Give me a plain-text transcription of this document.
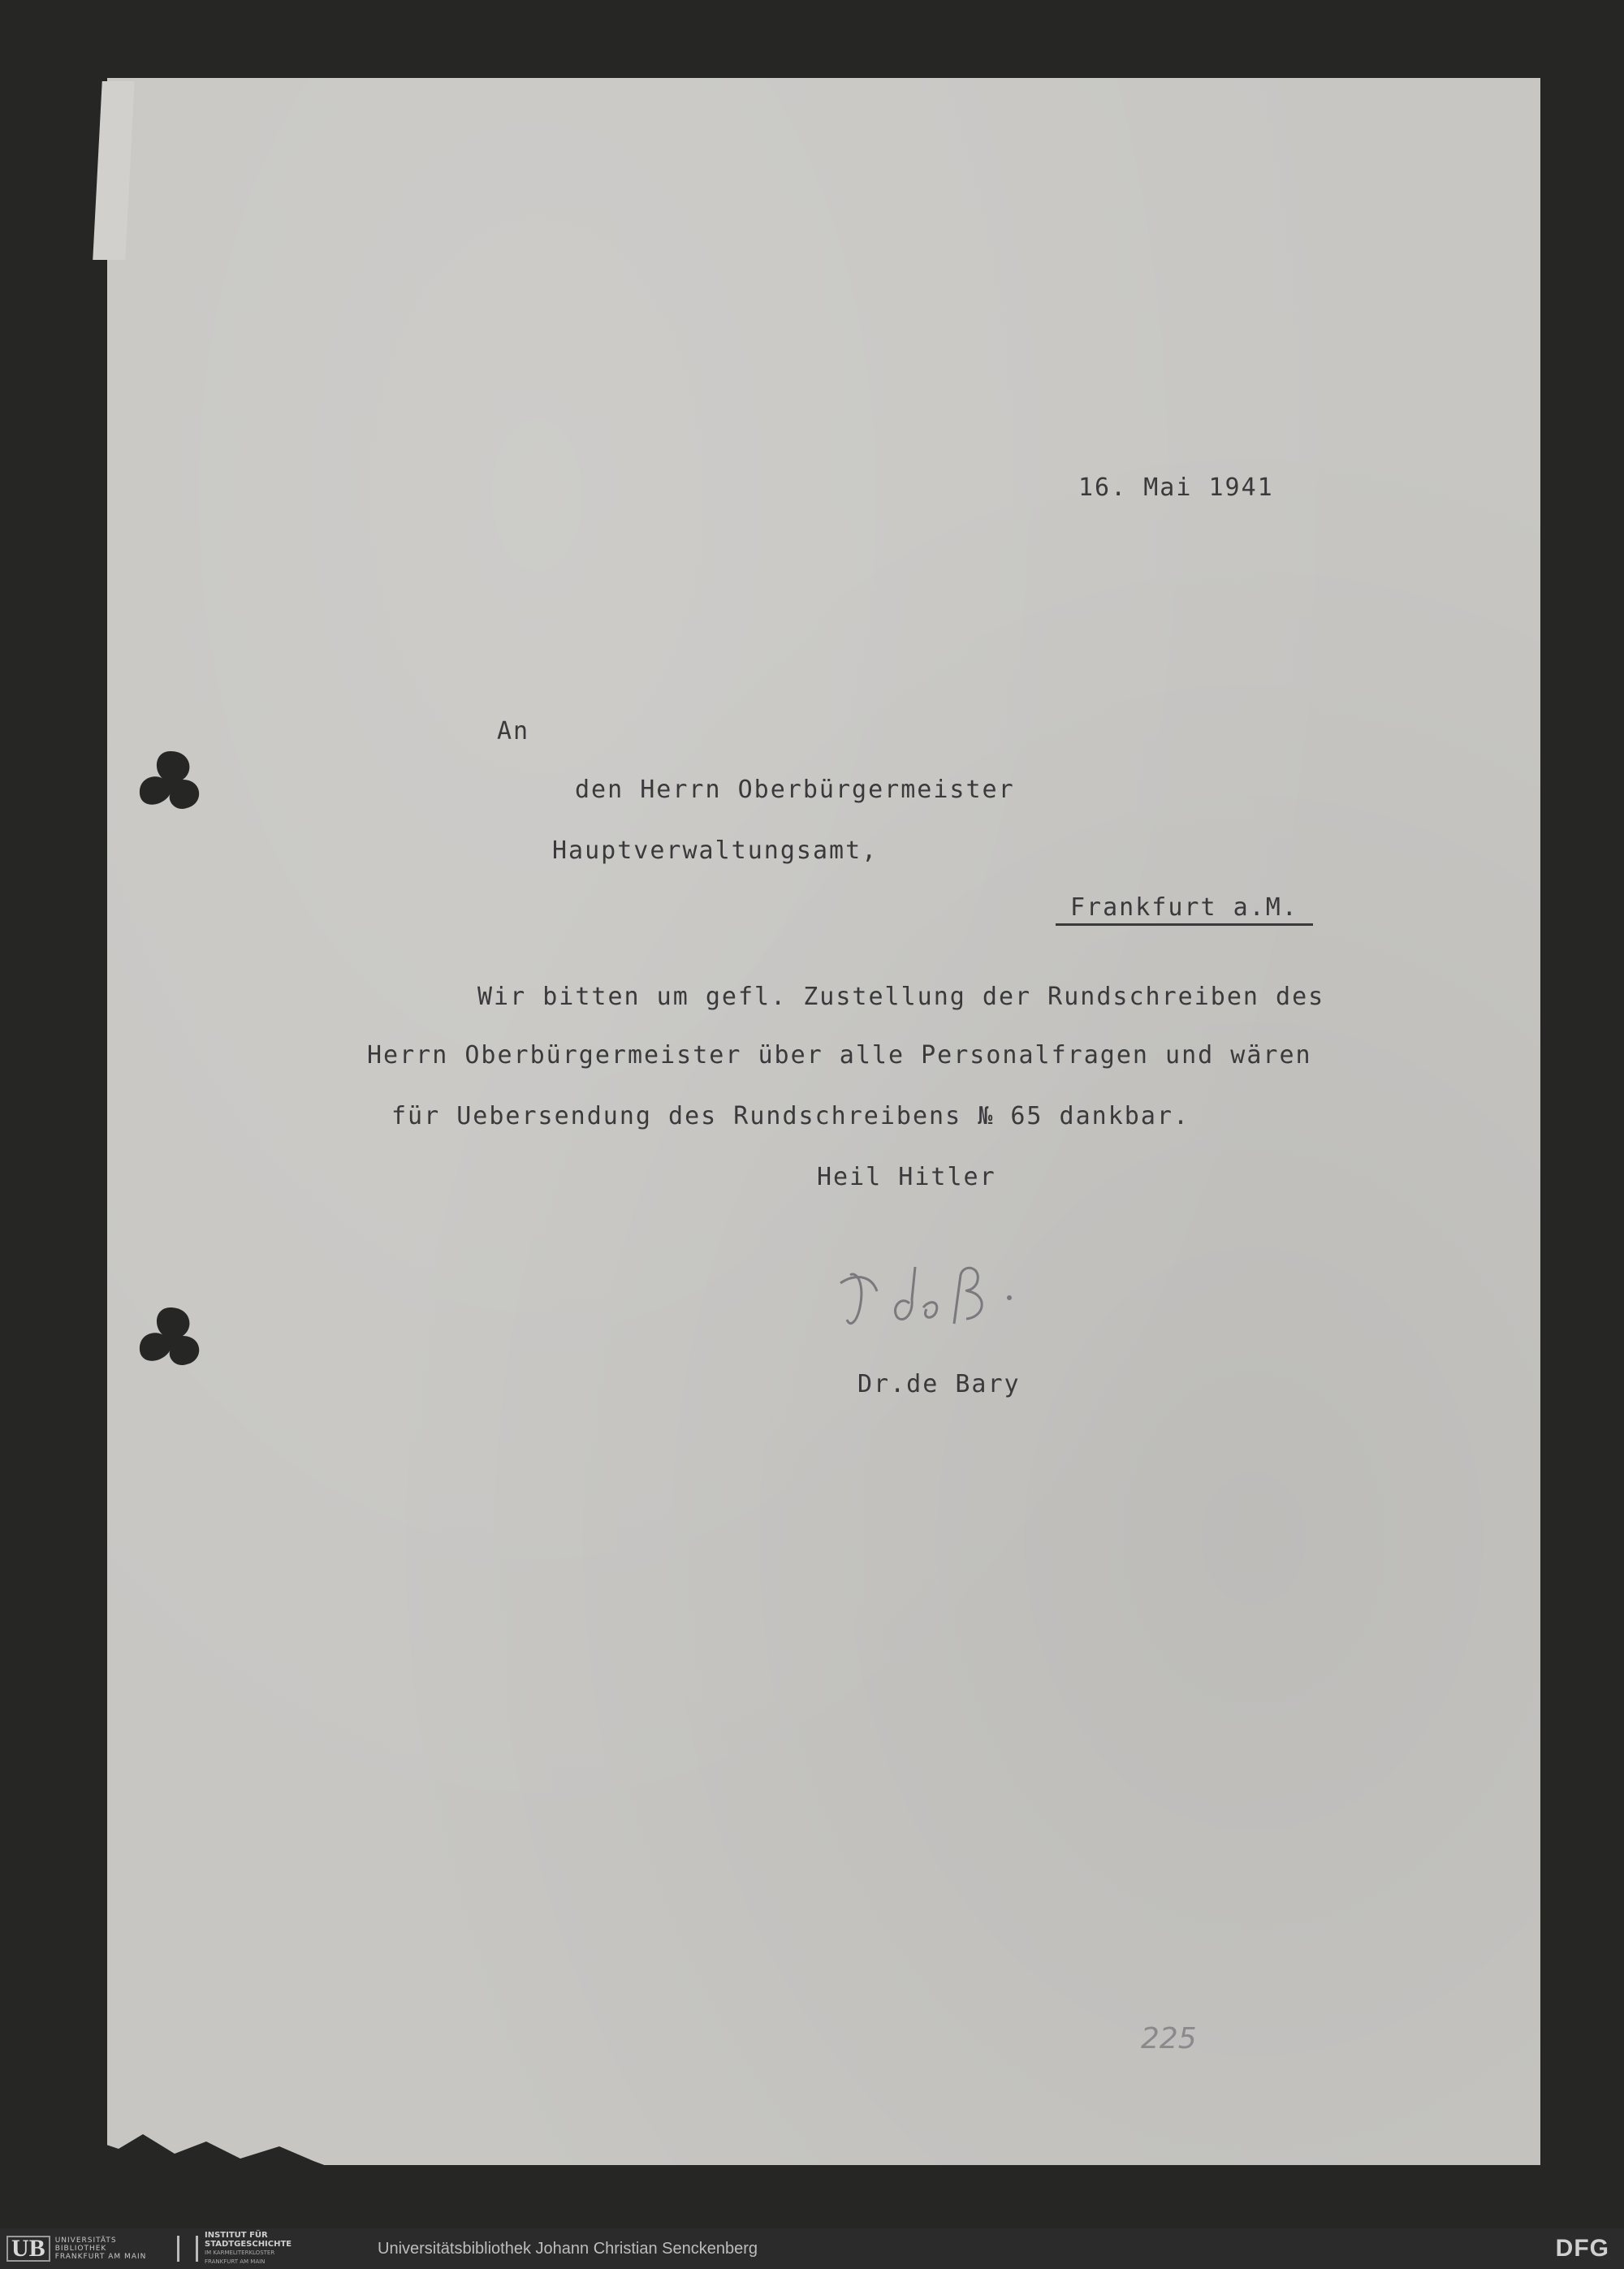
16. Mai 1941

An

den Herrn Oberbürgermeister

Hauptverwaltungsamt,

Frankfurt a.M.

Wir bitten um gefl. Zustellung der Rundschreiben des

Herrn Oberbürgermeister über alle Personalfragen und wären

für Uebersendung des Rundschreibens № 65 dankbar.

Heil Hitler

Dr.de Bary

225
UB	UNIVERSITÄTS
BIBLIOTHEK
FRANKFURT AM MAIN
INSTITUT FÜR
STADTGESCHICHTE
IM KARMELITERKLOSTER
FRANKFURT AM MAIN
Universitätsbibliothek Johann Christian Senckenberg	DFG
